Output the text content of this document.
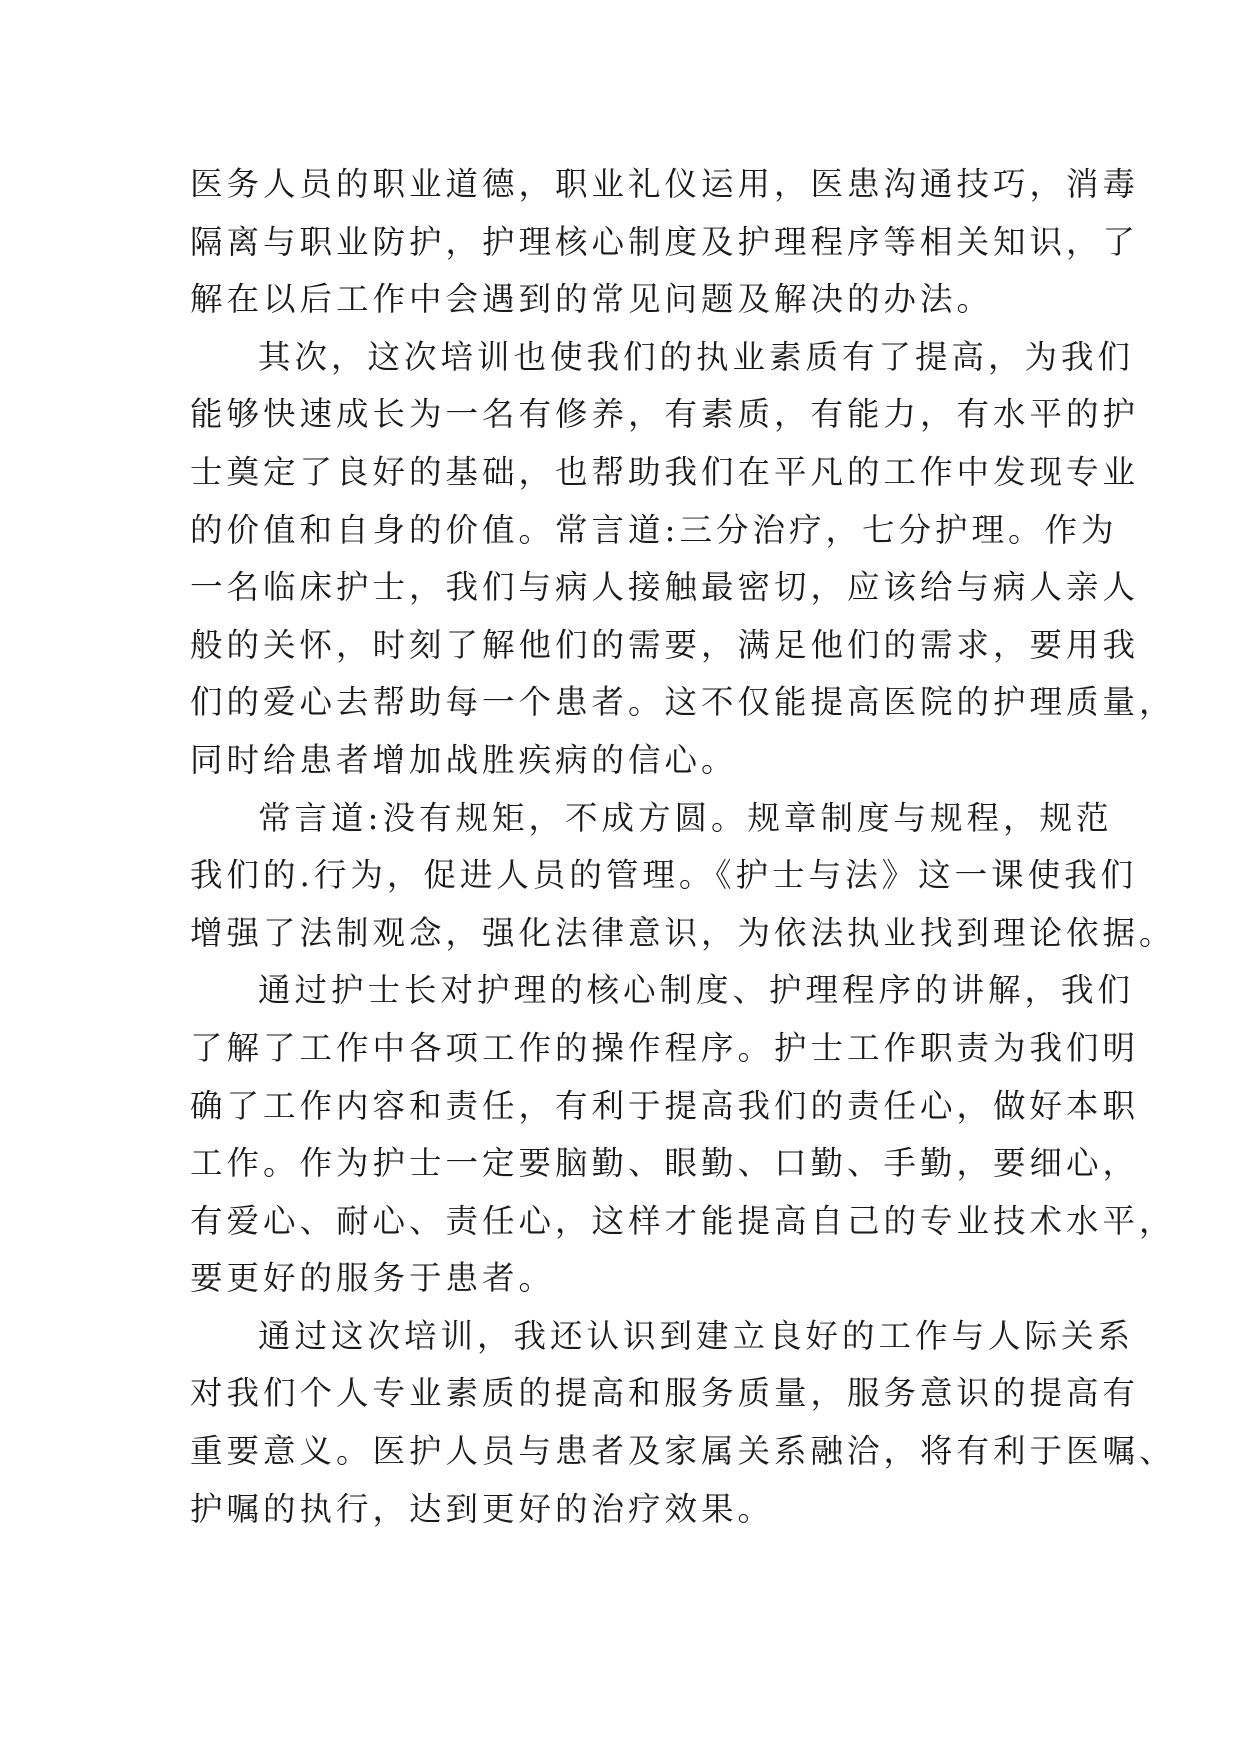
医务人员的职业道德，职业礼仪运用，医患沟通技巧，消毒
隔离与职业防护，护理核心制度及护理程序等相关知识，了
解在以后工作中会遇到的常见问题及解决的办法。

其次，这次培训也使我们的执业素质有了提高，为我们
能够快速成长为一名有修养，有素质，有能力，有水平的护
士奠定了良好的基础，也帮助我们在平凡的工作中发现专业
的价值和自身的价值。常言道:三分治疗，七分护理。作为
一名临床护士，我们与病人接触最密切，应该给与病人亲人
般的关怀，时刻了解他们的需要，满足他们的需求，要用我
们的爱心去帮助每一个患者。这不仅能提高医院的护理质量，
同时给患者增加战胜疾病的信心。

常言道:没有规矩，不成方圆。规章制度与规程，规范
我们的.行为，促进人员的管理。《护士与法》这一课使我们
增强了法制观念，强化法律意识，为依法执业找到理论依据。

通过护士长对护理的核心制度、护理程序的讲解，我们
了解了工作中各项工作的操作程序。护士工作职责为我们明
确了工作内容和责任，有利于提高我们的责任心，做好本职
工作。作为护士一定要脑勤、眼勤、口勤、手勤，要细心，
有爱心、耐心、责任心，这样才能提高自己的专业技术水平，
要更好的服务于患者。

通过这次培训，我还认识到建立良好的工作与人际关系
对我们个人专业素质的提高和服务质量，服务意识的提高有
重要意义。医护人员与患者及家属关系融洽，将有利于医嘱、
护嘱的执行，达到更好的治疗效果。
